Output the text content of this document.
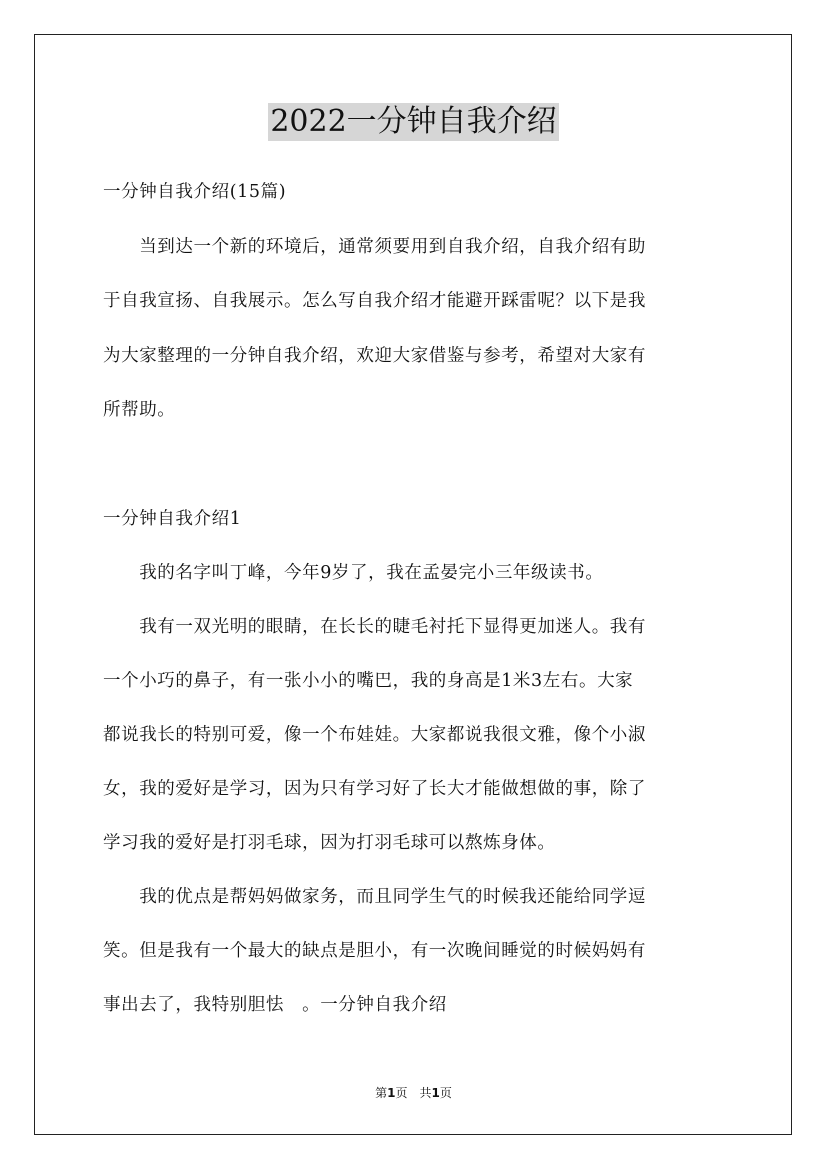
2022一分钟自我介绍
一分钟自我介绍(15篇)
　　当到达一个新的环境后，通常须要用到自我介绍，自我介绍有助
于自我宣扬、自我展示。怎么写自我介绍才能避开踩雷呢？以下是我
为大家整理的一分钟自我介绍，欢迎大家借鉴与参考，希望对大家有
所帮助。
一分钟自我介绍1
　　我的名字叫丁峰，今年9岁了，我在孟晏完小三年级读书。
　　我有一双光明的眼睛，在长长的睫毛衬托下显得更加迷人。我有
一个小巧的鼻子，有一张小小的嘴巴，我的身高是1米3左右。大家
都说我长的特别可爱，像一个布娃娃。大家都说我很文雅，像个小淑
女，我的爱好是学习，因为只有学习好了长大才能做想做的事，除了
学习我的爱好是打羽毛球，因为打羽毛球可以熬炼身体。
　　我的优点是帮妈妈做家务，而且同学生气的时候我还能给同学逗
笑。但是我有一个最大的缺点是胆小，有一次晚间睡觉的时候妈妈有
事出去了，我特别胆怯　。一分钟自我介绍
第1页　共1页
